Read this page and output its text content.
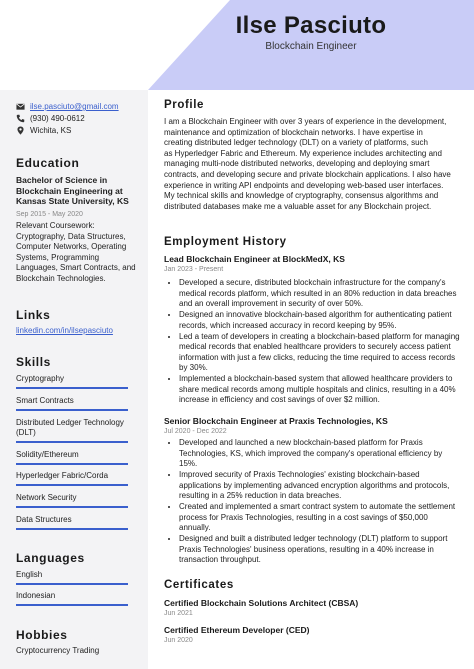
Ilse Pasciuto
Blockchain Engineer
ilse.pasciuto@gmail.com
(930) 490-0612
Wichita, KS
Education
Bachelor of Science in
Blockchain Engineering at
Kansas State University, KS
Sep 2015 - May 2020
Relevant Coursework:
Cryptography, Data Structures,
Computer Networks, Operating
Systems, Programming
Languages, Smart Contracts, and
Blockchain Technologies.
Links
linkedin.com/in/ilsepasciuto
Skills
Cryptography
Smart Contracts
Distributed Ledger Technology
(DLT)
Solidity/Ethereum
Hyperledger Fabric/Corda
Network Security
Data Structures
Languages
English
Indonesian
Hobbies
Cryptocurrency Trading
Profile
I am a Blockchain Engineer with over 3 years of experience in the development,
maintenance and optimization of blockchain networks. I have expertise in
creating distributed ledger technology (DLT) on a variety of platforms, such
as Hyperledger Fabric and Ethereum. My experience includes architecting and
managing multi-node distributed networks, developing and deploying smart
contracts, and developing secure and private blockchain applications. I also have
experience in writing API endpoints and developing web-based user interfaces.
My technical skills and knowledge of cryptography, consensus algorithms and
distributed databases make me a valuable asset for any Blockchain project.
Employment History
Lead Blockchain Engineer at BlockMedX, KS
Jan 2023 - Present
• Developed a secure, distributed blockchain infrastructure for the company's
medical records platform, which resulted in an 80% reduction in data breaches
and an overall improvement in security of over 50%.
• Designed an innovative blockchain-based algorithm for authenticating patient
records, which increased accuracy in record keeping by 95%.
• Led a team of developers in creating a blockchain-based platform for managing
medical records that enabled healthcare providers to securely access patient
information with just a few clicks, reducing the time required to access records
by 30%.
• Implemented a blockchain-based system that allowed healthcare providers to
share medical records among multiple hospitals and clinics, resulting in a 40%
increase in efficiency and cost savings of over $2 million.
Senior Blockchain Engineer at Praxis Technologies, KS
Jul 2020 - Dec 2022
• Developed and launched a new blockchain-based platform for Praxis
Technologies, KS, which improved the company's operational efficiency by
15%.
• Improved security of Praxis Technologies' existing blockchain-based
applications by implementing advanced encryption algorithms and protocols,
resulting in a 25% reduction in data breaches.
• Created and implemented a smart contract system to automate the settlement
process for Praxis Technologies, resulting in a cost savings of $50,000 annually.
• Designed and built a distributed ledger technology (DLT) platform to support
Praxis Technologies' business operations, resulting in a 40% increase in
transaction throughput.
Certificates
Certified Blockchain Solutions Architect (CBSA)
Jun 2021
Certified Ethereum Developer (CED)
Jun 2020
